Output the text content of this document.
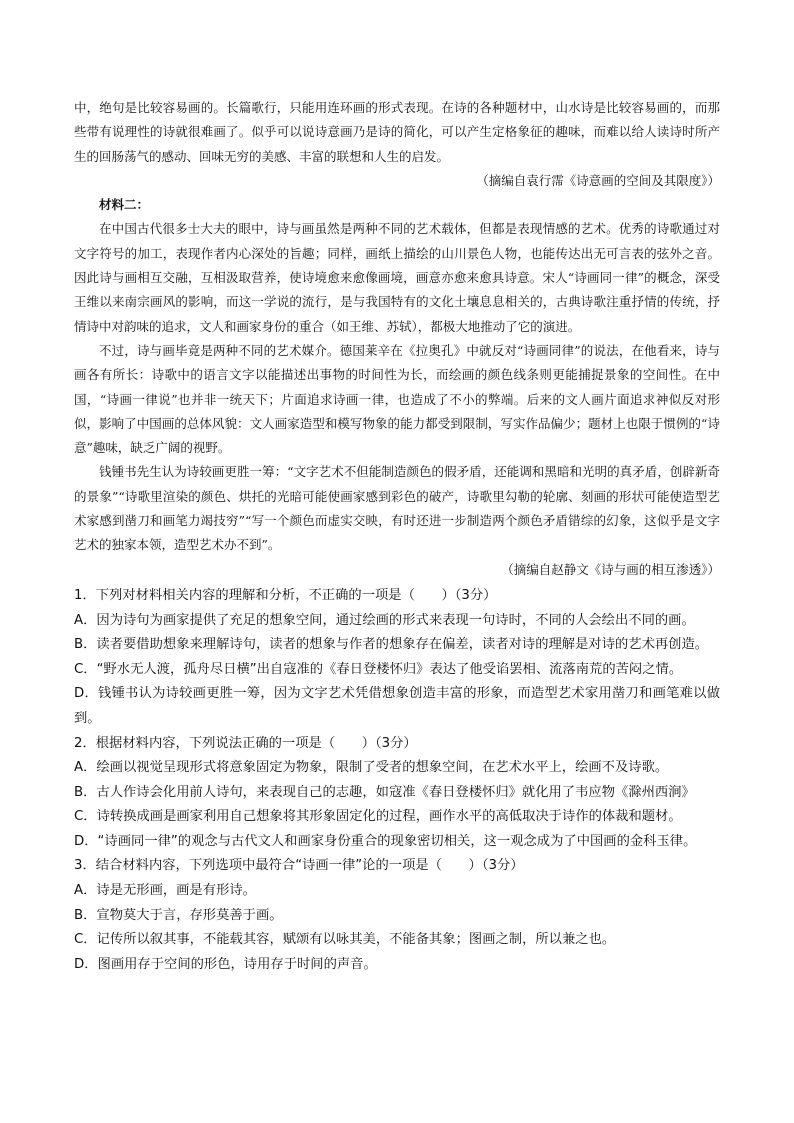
中，绝句是比较容易画的。长篇歌行，只能用连环画的形式表现。在诗的各种题材中，山水诗是比较容易画的，而那些带有说理性的诗就很难画了。似乎可以说诗意画乃是诗的简化，可以产生定格象征的趣味，而难以给人读诗时所产生的回肠荡气的感动、回味无穷的美感、丰富的联想和人生的启发。

（摘编自袁行霈《诗意画的空间及其限度》）

材料二：

在中国古代很多士大夫的眼中，诗与画虽然是两种不同的艺术载体，但都是表现情感的艺术。优秀的诗歌通过对文字符号的加工，表现作者内心深处的旨趣；同样，画纸上描绘的山川景色人物，也能传达出无可言表的弦外之音。因此诗与画相互交融，互相汲取营养，使诗境愈来愈像画境，画意亦愈来愈具诗意。宋人“诗画同一律”的概念，深受王维以来南宗画风的影响，而这一学说的流行，是与我国特有的文化土壤息息相关的，古典诗歌注重抒情的传统，抒情诗中对韵味的追求，文人和画家身份的重合（如王维、苏轼），都极大地推动了它的演进。

不过，诗与画毕竟是两种不同的艺术媒介。德国莱辛在《拉奥孔》中就反对“诗画同律”的说法，在他看来，诗与画各有所长：诗歌中的语言文字以能描述出事物的时间性为长，而绘画的颜色线条则更能捕捉景象的空间性。在中国，“诗画一律说”也并非一统天下；片面追求诗画一律，也造成了不小的弊端。后来的文人画片面追求神似反对形似，影响了中国画的总体风貌：文人画家造型和模写物象的能力都受到限制，写实作品偏少；题材上也限于惯例的“诗意”趣味，缺乏广阔的视野。

钱锺书先生认为诗较画更胜一筹：“文字艺术不但能制造颜色的假矛盾，还能调和黑暗和光明的真矛盾，创辟新奇的景象”“诗歌里渲染的颜色、烘托的光暗可能使画家感到彩色的破产，诗歌里勾勒的轮廓、刻画的形状可能使造型艺术家感到凿刀和画笔力竭技穷”“写一个颜色而虚实交映，有时还进一步制造两个颜色矛盾错综的幻象，这似乎是文字艺术的独家本领，造型艺术办不到”。

（摘编自赵静文《诗与画的相互渗透》）

1．下列对材料相关内容的理解和分析，不正确的一项是（　　）（3分）

A．因为诗句为画家提供了充足的想象空间，通过绘画的形式来表现一句诗时，不同的人会绘出不同的画。

B．读者要借助想象来理解诗句，读者的想象与作者的想象存在偏差，读者对诗的理解是对诗的艺术再创造。

C．“野水无人渡，孤舟尽日横”出自寇准的《春日登楼怀归》表达了他受谄罢相、流落南荒的苦闷之情。

D．钱锺书认为诗较画更胜一筹，因为文字艺术凭借想象创造丰富的形象，而造型艺术家用凿刀和画笔难以做到。

2．根据材料内容，下列说法正确的一项是（　　）（3分）

A．绘画以视觉呈现形式将意象固定为物象，限制了受者的想象空间，在艺术水平上，绘画不及诗歌。

B．古人作诗会化用前人诗句，来表现自己的志趣，如寇准《春日登楼怀归》就化用了韦应物《滁州西涧》

C．诗转换成画是画家利用自己想象将其形象固定化的过程，画作水平的高低取决于诗作的体裁和题材。

D．“诗画同一律”的观念与古代文人和画家身份重合的现象密切相关，这一观念成为了中国画的金科玉律。

3．结合材料内容，下列选项中最符合“诗画一律”论的一项是（　　）（3分）

A．诗是无形画，画是有形诗。

B．宣物莫大于言，存形莫善于画。

C．记传所以叙其事，不能载其容，赋颂有以咏其美，不能备其象；图画之制，所以兼之也。

D．图画用存于空间的形色，诗用存于时间的声音。
